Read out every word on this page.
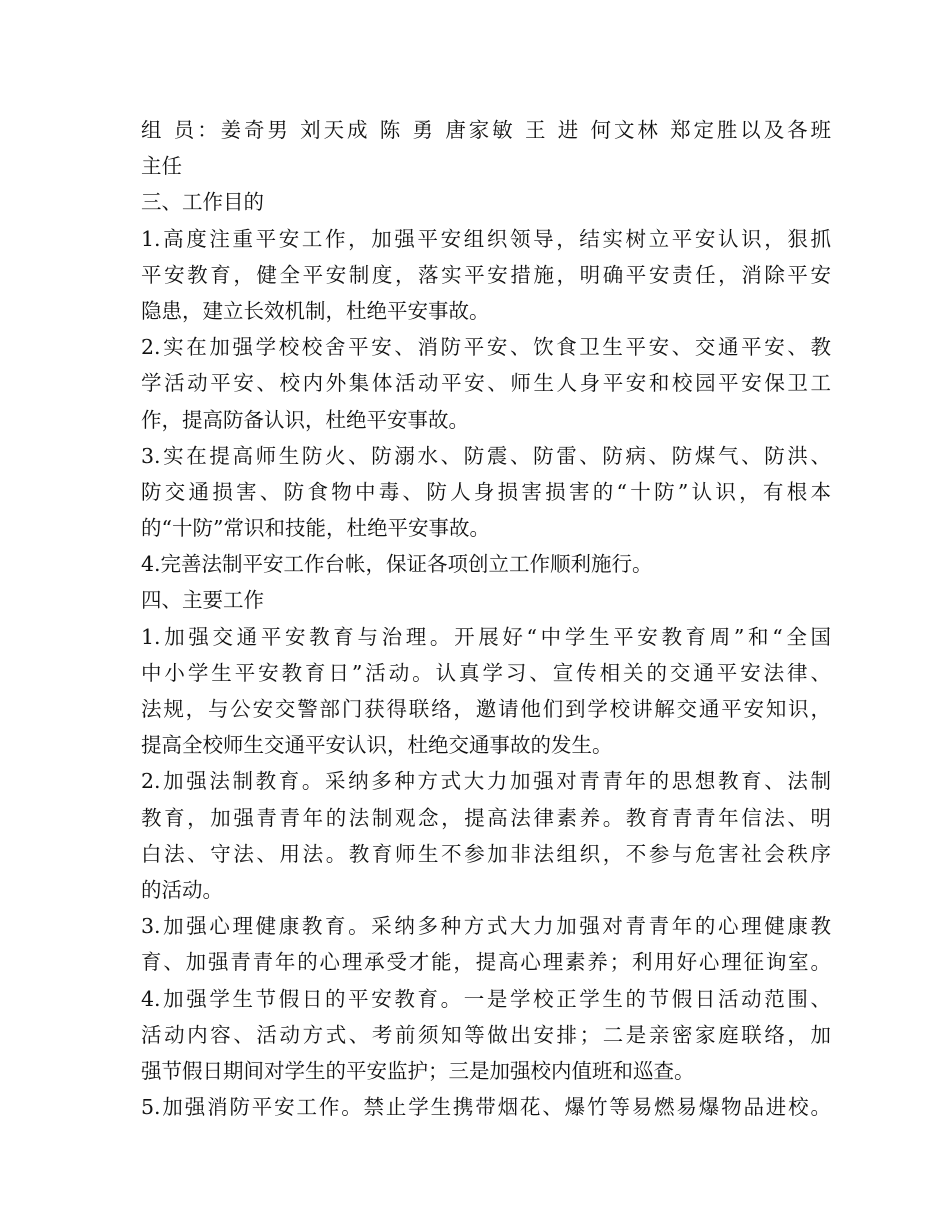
组 员：姜奇男 刘天成 陈 勇 唐家敏 王 进 何文林 郑定胜以及各班
主任
三、工作目的
1.高度注重平安工作，加强平安组织领导，结实树立平安认识，狠抓
平安教育，健全平安制度，落实平安措施，明确平安责任，消除平安
隐患，建立长效机制，杜绝平安事故。
2.实在加强学校校舍平安、消防平安、饮食卫生平安、交通平安、教
学活动平安、校内外集体活动平安、师生人身平安和校园平安保卫工
作，提高防备认识，杜绝平安事故。
3.实在提高师生防火、防溺水、防震、防雷、防病、防煤气、防洪、
防交通损害、防食物中毒、防人身损害损害的“十防”认识，有根本
的“十防”常识和技能，杜绝平安事故。
4.完善法制平安工作台帐，保证各项创立工作顺利施行。
四、主要工作
1.加强交通平安教育与治理。开展好“中学生平安教育周”和“全国
中小学生平安教育日”活动。认真学习、宣传相关的交通平安法律、
法规，与公安交警部门获得联络，邀请他们到学校讲解交通平安知识，
提高全校师生交通平安认识，杜绝交通事故的发生。
2.加强法制教育。采纳多种方式大力加强对青青年的思想教育、法制
教育，加强青青年的法制观念，提高法律素养。教育青青年信法、明
白法、守法、用法。教育师生不参加非法组织，不参与危害社会秩序
的活动。
3.加强心理健康教育。采纳多种方式大力加强对青青年的心理健康教
育、加强青青年的心理承受才能，提高心理素养；利用好心理征询室。
4.加强学生节假日的平安教育。一是学校正学生的节假日活动范围、
活动内容、活动方式、考前须知等做出安排；二是亲密家庭联络，加
强节假日期间对学生的平安监护；三是加强校内值班和巡查。
5.加强消防平安工作。禁止学生携带烟花、爆竹等易燃易爆物品进校。
